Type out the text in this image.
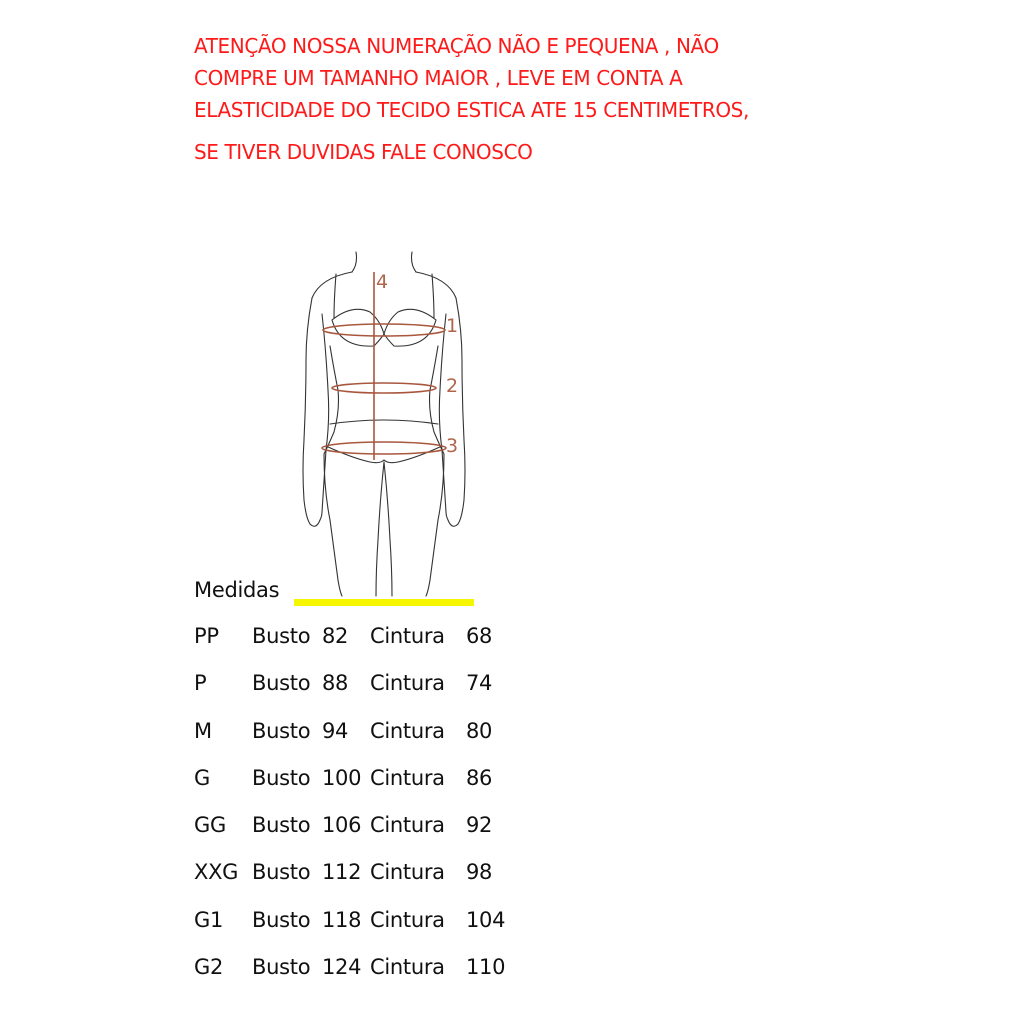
ATENÇÃO NOSSA NUMERAÇÃO NÃO E PEQUENA , NÃO
COMPRE UM TAMANHO MAIOR , LEVE EM CONTA A
ELASTICIDADE DO TECIDO ESTICA ATE 15 CENTIMETROS,
SE TIVER DUVIDAS FALE CONOSCO
4
1
2
3
Medidas
PP Busto 82 Cintura 68
P Busto 88 Cintura 74
M Busto 94 Cintura 80
G Busto 100 Cintura 86
GG Busto 106 Cintura 92
XXG Busto 112 Cintura 98
G1 Busto 118 Cintura 104
G2 Busto 124 Cintura 110
